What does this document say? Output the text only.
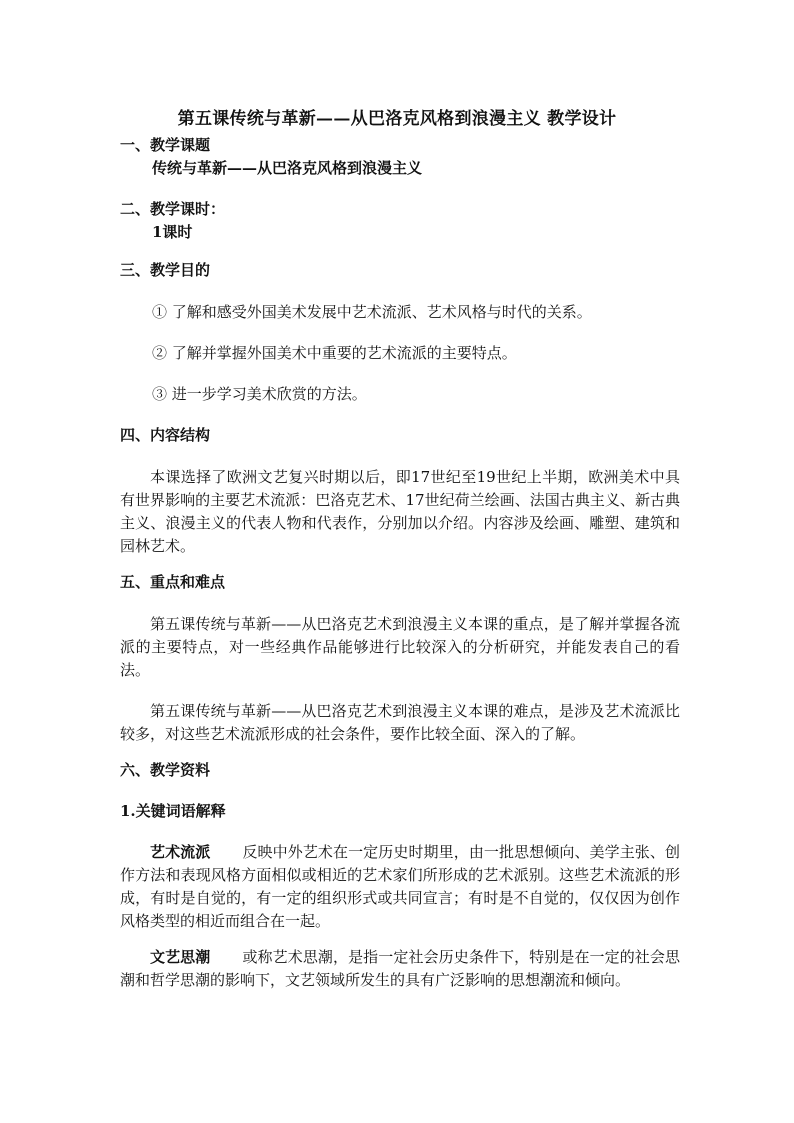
第五课传统与革新——从巴洛克风格到浪漫主义 教学设计
一、教学课题
传统与革新——从巴洛克风格到浪漫主义
二、教学课时：
1课时
三、教学目的
① 了解和感受外国美术发展中艺术流派、艺术风格与时代的关系。
② 了解并掌握外国美术中重要的艺术流派的主要特点。
③ 进一步学习美术欣赏的方法。
四、内容结构

本课选择了欧洲文艺复兴时期以后，即17世纪至19世纪上半期，欧洲美术中具有世界影响的主要艺术流派：巴洛克艺术、17世纪荷兰绘画、法国古典主义、新古典主义、浪漫主义的代表人物和代表作，分别加以介绍。内容涉及绘画、雕塑、建筑和园林艺术。

五、重点和难点

第五课传统与革新——从巴洛克艺术到浪漫主义本课的重点，是了解并掌握各流派的主要特点，对一些经典作品能够进行比较深入的分析研究，并能发表自己的看法。

第五课传统与革新——从巴洛克艺术到浪漫主义本课的难点，是涉及艺术流派比较多，对这些艺术流派形成的社会条件，要作比较全面、深入的了解。

六、教学资料
1.关键词语解释

艺术流派 反映中外艺术在一定历史时期里，由一批思想倾向、美学主张、创作方法和表现风格方面相似或相近的艺术家们所形成的艺术派别。这些艺术流派的形成，有时是自觉的，有一定的组织形式或共同宣言；有时是不自觉的，仅仅因为创作风格类型的相近而组合在一起。

文艺思潮 或称艺术思潮，是指一定社会历史条件下，特别是在一定的社会思潮和哲学思潮的影响下，文艺领域所发生的具有广泛影响的思想潮流和倾向。
